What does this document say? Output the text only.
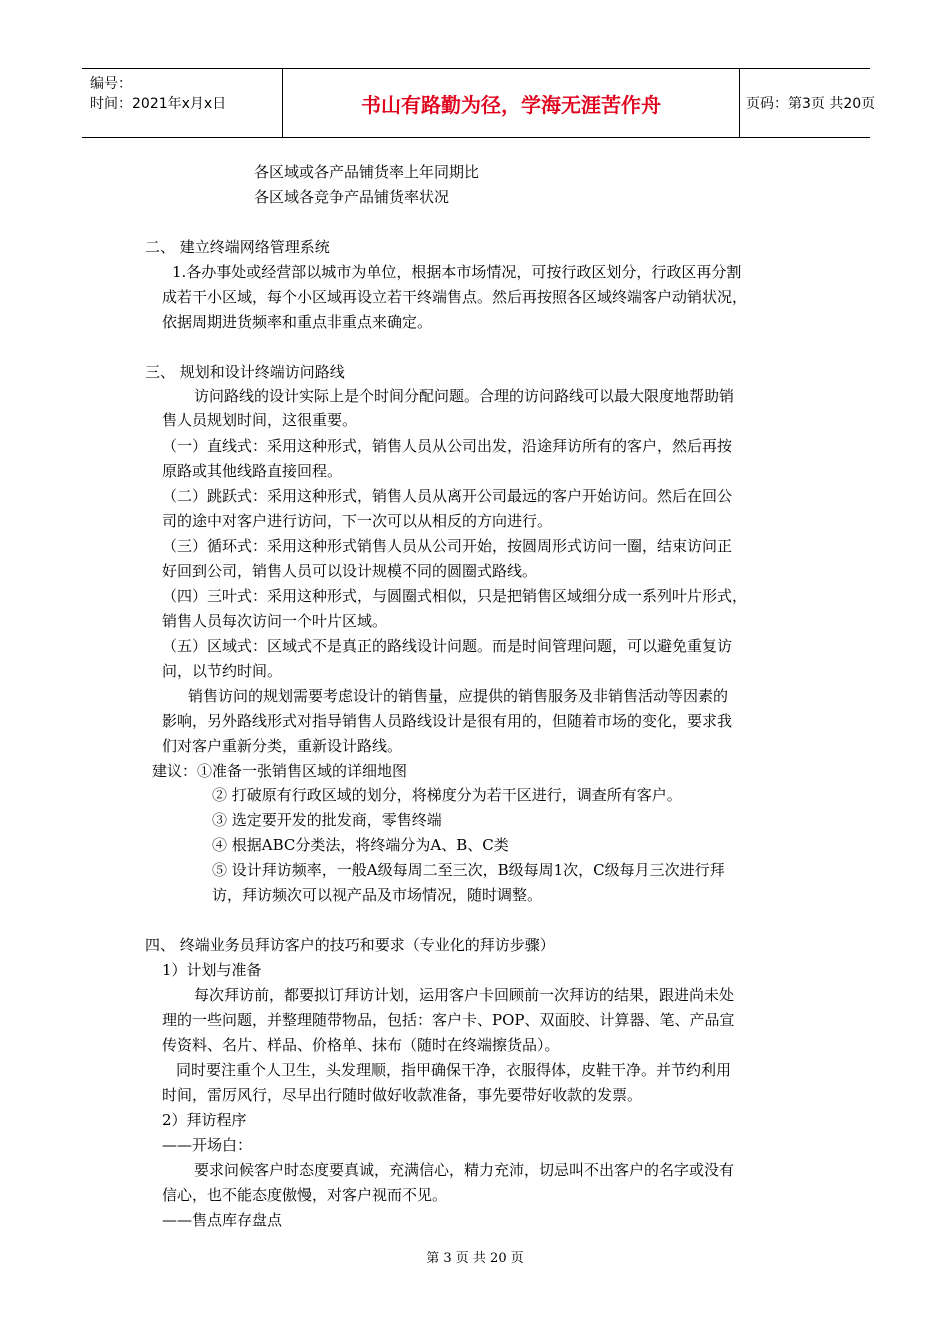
编号：
时间：2021年x月x日	书山有路勤为径，学海无涯苦作舟	页码：第3页 共20页
各区域或各产品铺货率上年同期比
各区域各竞争产品铺货率状况
二、 建立终端网络管理系统
1.各办事处或经营部以城市为单位，根据本市场情况，可按行政区划分，行政区再分割
成若干小区域，每个小区域再设立若干终端售点。然后再按照各区域终端客户动销状况，
依据周期进货频率和重点非重点来确定。
三、 规划和设计终端访问路线
访问路线的设计实际上是个时间分配问题。合理的访问路线可以最大限度地帮助销
售人员规划时间，这很重要。
（一）直线式：采用这种形式，销售人员从公司出发，沿途拜访所有的客户，然后再按
原路或其他线路直接回程。
（二）跳跃式：采用这种形式，销售人员从离开公司最远的客户开始访问。然后在回公
司的途中对客户进行访问，下一次可以从相反的方向进行。
（三）循环式：采用这种形式销售人员从公司开始，按圆周形式访问一圈，结束访问正
好回到公司，销售人员可以设计规模不同的圆圈式路线。
（四）三叶式：采用这种形式，与圆圈式相似，只是把销售区域细分成一系列叶片形式，
销售人员每次访问一个叶片区域。
（五）区域式：区域式不是真正的路线设计问题。而是时间管理问题，可以避免重复访
问，以节约时间。
销售访问的规划需要考虑设计的销售量，应提供的销售服务及非销售活动等因素的
影响，另外路线形式对指导销售人员路线设计是很有用的，但随着市场的变化，要求我
们对客户重新分类，重新设计路线。
建议：①准备一张销售区域的详细地图
② 打破原有行政区域的划分，将梯度分为若干区进行，调查所有客户。
③ 选定要开发的批发商，零售终端
④ 根据ABC分类法，将终端分为A、B、C类
⑤ 设计拜访频率，一般A级每周二至三次，B级每周1次，C级每月三次进行拜
访，拜访频次可以视产品及市场情况，随时调整。
四、 终端业务员拜访客户的技巧和要求（专业化的拜访步骤）
1）计划与准备
每次拜访前，都要拟订拜访计划，运用客户卡回顾前一次拜访的结果，跟进尚未处
理的一些问题，并整理随带物品，包括：客户卡、POP、双面胶、计算器、笔、产品宣
传资料、名片、样品、价格单、抹布（随时在终端擦货品）。
同时要注重个人卫生，头发理顺，指甲确保干净，衣服得体，皮鞋干净。并节约利用
时间，雷厉风行，尽早出行随时做好收款准备，事先要带好收款的发票。
2）拜访程序
——开场白：
要求问候客户时态度要真诚，充满信心，精力充沛，切忌叫不出客户的名字或没有
信心，也不能态度傲慢，对客户视而不见。
——售点库存盘点
第 3 页 共 20 页
